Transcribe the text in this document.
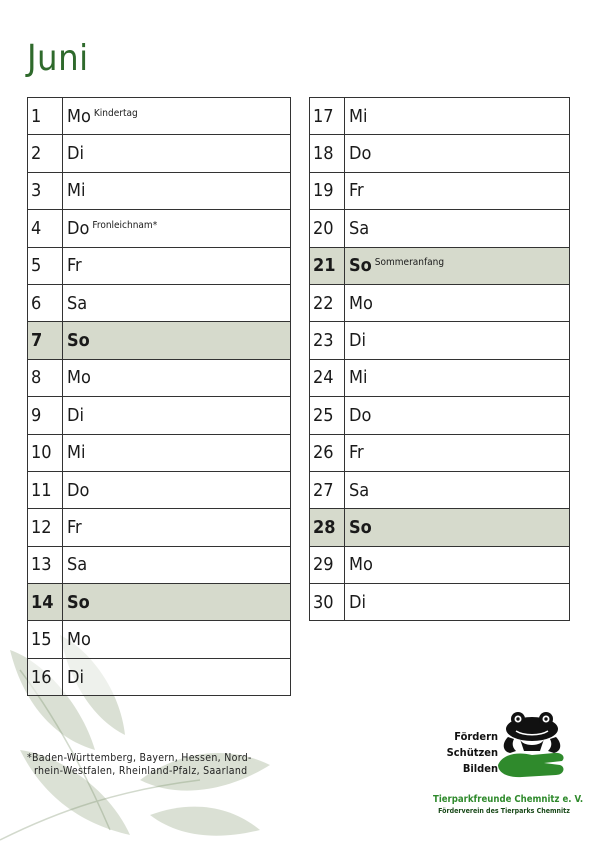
Juni
1	Mo $^{Kindertag}$
2	Di
3	Mi
4	Do $^{Fronleichnam*}$
5	Fr
6	Sa
7	So
8	Mo
9	Di
10	Mi
11	Do
12	Fr
13	Sa
14	So
15	Mo
16	Di
17	Mi
18	Do
19	Fr
20	Sa
21	So $^{Sommeranfang}$
22	Mo
23	Di
24	Mi
25	Do
26	Fr
27	Sa
28	So
29	Mo
30	Di

*Baden-Württemberg, Bayern, Hessen, Nord-
rhein-Westfalen, Rheinland-Pfalz, Saarland

Fördern
Schützen
Bilden
Tierparkfreunde Chemnitz e. V.
Förderverein des Tierparks Chemnitz
